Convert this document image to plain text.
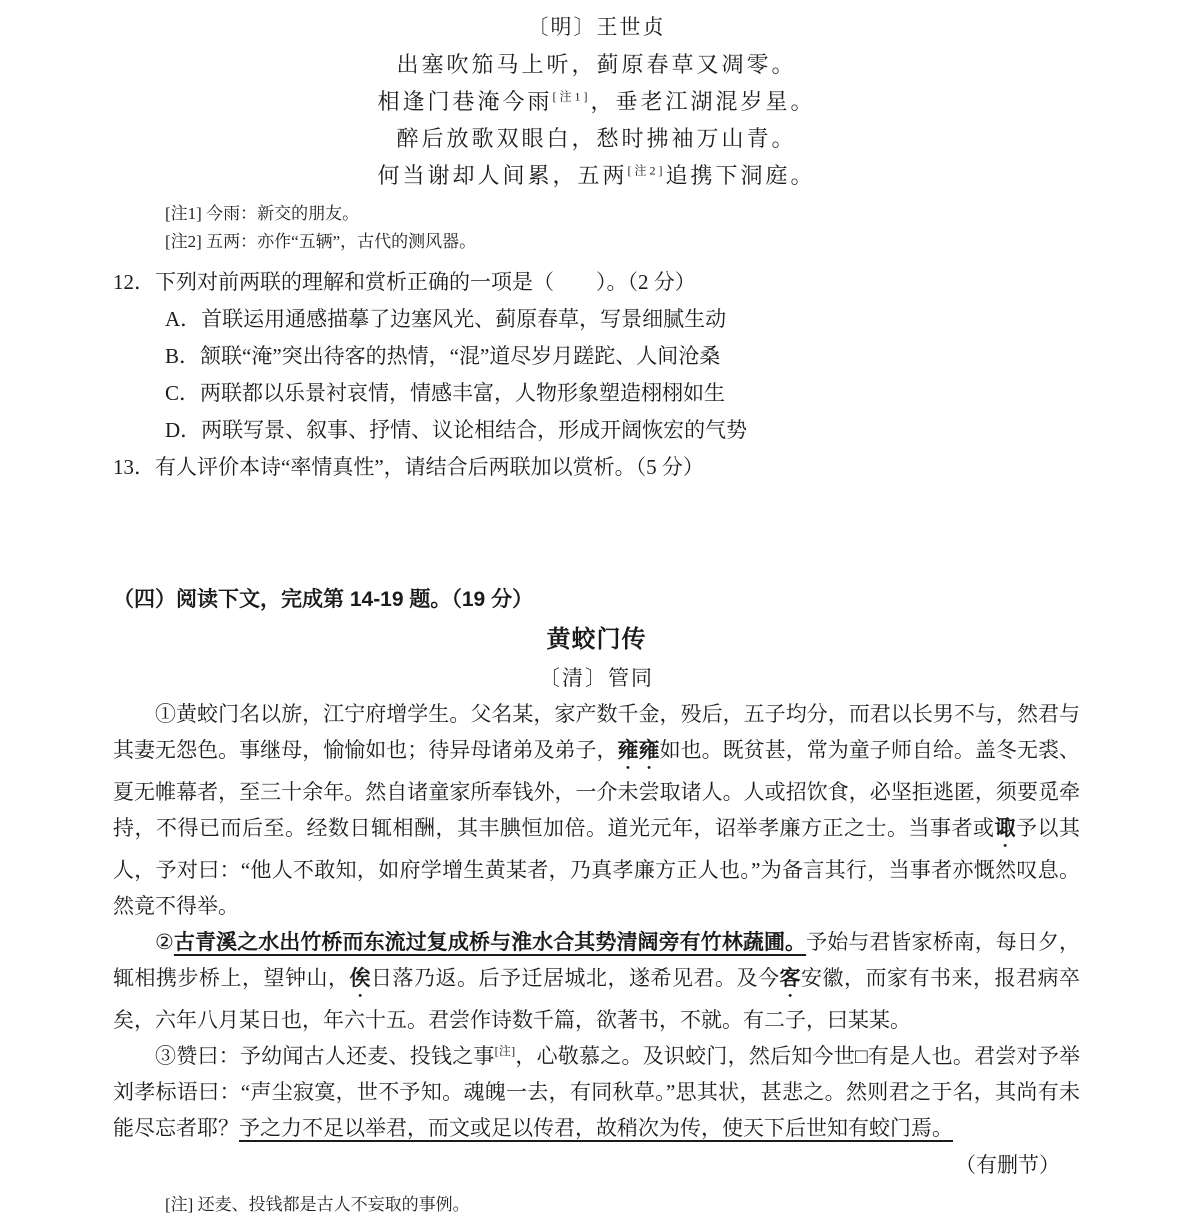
〔明〕王世贞
出塞吹笳马上听，蓟原春草又凋零。
相逢门巷淹今雨[注1]，垂老江湖混岁星。
醉后放歌双眼白，愁时拂袖万山青。
何当谢却人间累，五两[注2]追携下洞庭。
[注1] 今雨：新交的朋友。
[注2] 五两：亦作“五辆”，古代的测风器。
12．下列对前两联的理解和赏析正确的一项是（　　）。（2 分）
A．首联运用通感描摹了边塞风光、蓟原春草，写景细腻生动
B．颔联“淹”突出待客的热情，“混”道尽岁月蹉跎、人间沧桑
C．两联都以乐景衬哀情，情感丰富，人物形象塑造栩栩如生
D．两联写景、叙事、抒情、议论相结合，形成开阔恢宏的气势
13．有人评价本诗“率情真性”，请结合后两联加以赏析。（5 分）
（四）阅读下文，完成第 14-19 题。（19 分）
黄蛟门传
〔清〕管同

①黄蛟门名以旂，江宁府增学生。父名某，家产数千金，殁后，五子均分，而君以长男不与，然君与其妻无怨色。事继母，愉愉如也；待异母诸弟及弟子，雍雍如也。既贫甚，常为童子师自给。盖冬无裘、夏无帷幕者，至三十余年。然自诸童家所奉钱外，一介未尝取诸人。人或招饮食，必坚拒逃匿，须要觅牵持，不得已而后至。经数日辄相酬，其丰腆恒加倍。道光元年，诏举孝廉方正之士。当事者或诹予以其人，予对曰：“他人不敢知，如府学增生黄某者，乃真孝廉方正人也。”为备言其行，当事者亦慨然叹息。然竟不得举。

②古青溪之水出竹桥而东流过复成桥与淮水合其势清阔旁有竹林蔬圃。予始与君皆家桥南，每日夕，辄相携步桥上，望钟山，俟日落乃返。后予迁居城北，遂希见君。及今客安徽，而家有书来，报君病卒矣，六年八月某日也，年六十五。君尝作诗数千篇，欲著书，不就。有二子，曰某某。

③赞曰：予幼闻古人还麦、投钱之事[注]，心敬慕之。及识蛟门，然后知今世□有是人也。君尝对予举刘孝标语曰：“声尘寂寞，世不予知。魂魄一去，有同秋草。”思其状，甚悲之。然则君之于名，其尚有未能尽忘者耶？予之力不足以举君，而文或足以传君，故稍次为传，使天下后世知有蛟门焉。

（有删节）
[注] 还麦、投钱都是古人不妄取的事例。
